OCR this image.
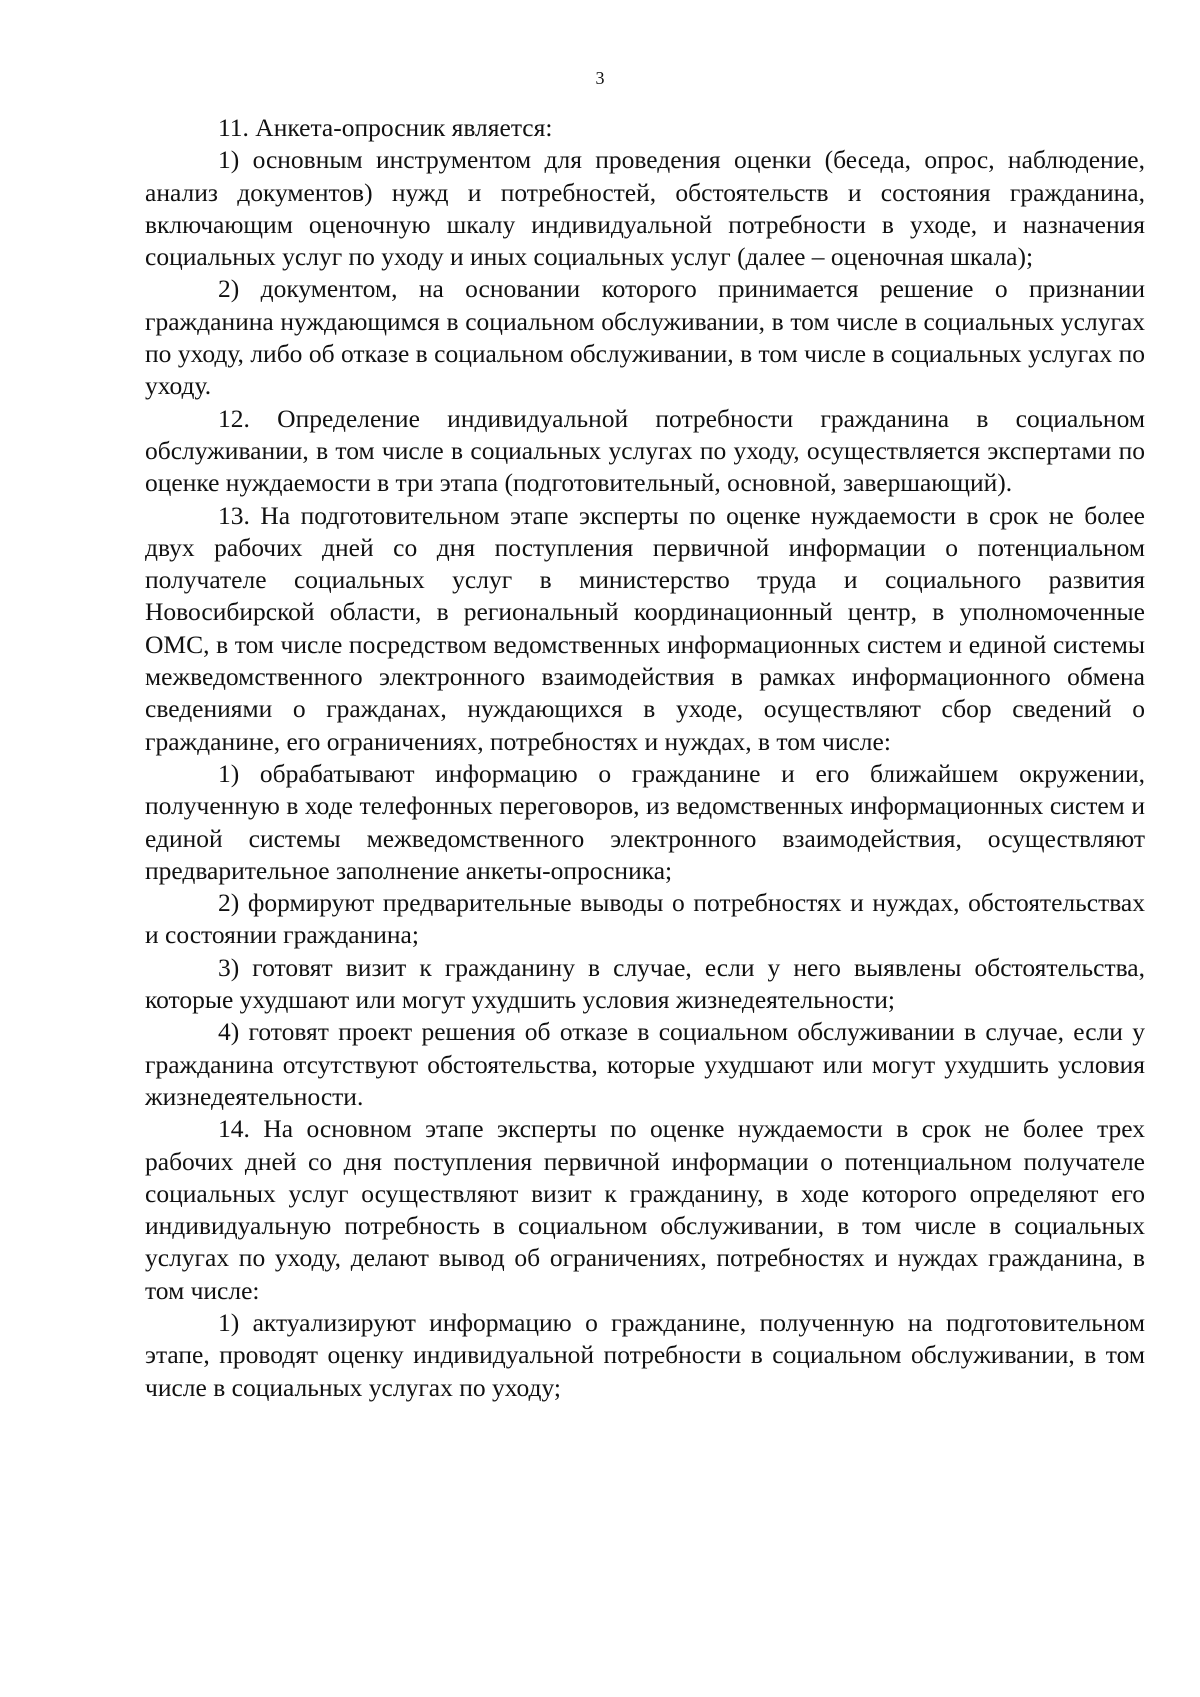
3

11. Анкета-опросник является:

1) основным инструментом для проведения оценки (беседа, опрос, наблюдение, анализ документов) нужд и потребностей, обстоятельств и состояния гражданина, включающим оценочную шкалу индивидуальной потребности в уходе, и назначения социальных услуг по уходу и иных социальных услуг (далее – оценочная шкала);

2) документом, на основании которого принимается решение о признании гражданина нуждающимся в социальном обслуживании, в том числе в социальных услугах по уходу, либо об отказе в социальном обслуживании, в том числе в социальных услугах по уходу.

12. Определение индивидуальной потребности гражданина в социальном обслуживании, в том числе в социальных услугах по уходу, осуществляется экспертами по оценке нуждаемости в три этапа (подготовительный, основной, завершающий).

13. На подготовительном этапе эксперты по оценке нуждаемости в срок не более двух рабочих дней со дня поступления первичной информации о потенциальном получателе социальных услуг в министерство труда и социального развития Новосибирской области, в региональный координационный центр, в уполномоченные ОМС, в том числе посредством ведомственных информационных систем и единой системы межведомственного электронного взаимодействия в рамках информационного обмена сведениями о гражданах, нуждающихся в уходе, осуществляют сбор сведений о гражданине, его ограничениях, потребностях и нуждах, в том числе:

1) обрабатывают информацию о гражданине и его ближайшем окружении, полученную в ходе телефонных переговоров, из ведомственных информационных систем и единой системы межведомственного электронного взаимодействия, осуществляют предварительное заполнение анкеты-опросника;

2) формируют предварительные выводы о потребностях и нуждах, обстоятельствах и состоянии гражданина;

3) готовят визит к гражданину в случае, если у него выявлены обстоятельства, которые ухудшают или могут ухудшить условия жизнедеятельности;

4) готовят проект решения об отказе в социальном обслуживании в случае, если у гражданина отсутствуют обстоятельства, которые ухудшают или могут ухудшить условия жизнедеятельности.

14. На основном этапе эксперты по оценке нуждаемости в срок не более трех рабочих дней со дня поступления первичной информации о потенциальном получателе социальных услуг осуществляют визит к гражданину, в ходе которого определяют его индивидуальную потребность в социальном обслуживании, в том числе в социальных услугах по уходу, делают вывод об ограничениях, потребностях и нуждах гражданина, в том числе:

1) актуализируют информацию о гражданине, полученную на подготовительном этапе, проводят оценку индивидуальной потребности в социальном обслуживании, в том числе в социальных услугах по уходу;
